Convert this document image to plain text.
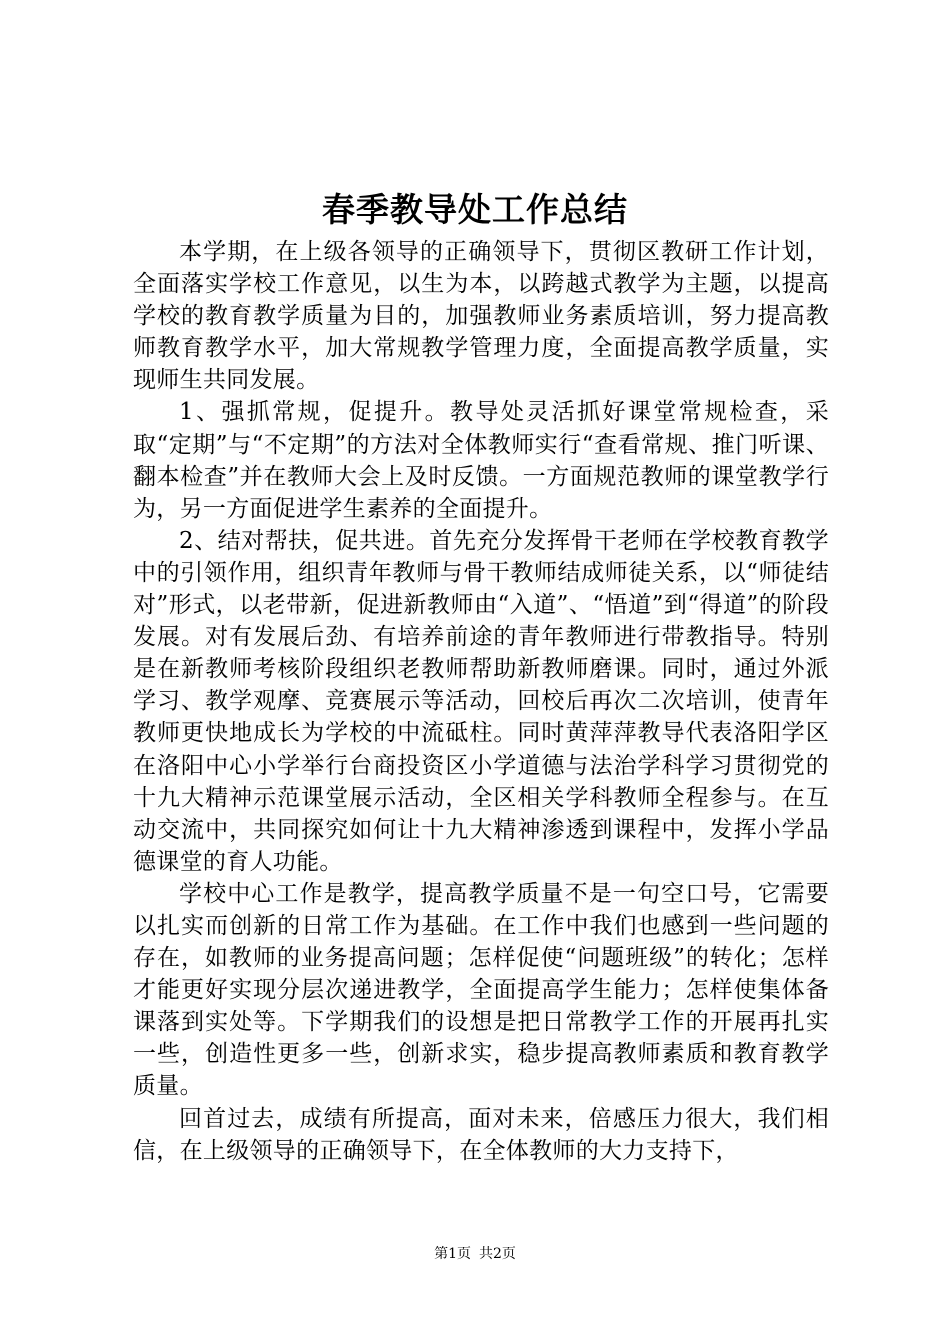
春季教导处工作总结

本学期，在上级各领导的正确领导下，贯彻区教研工作计划，全面落实学校工作意见，以生为本，以跨越式教学为主题，以提高学校的教育教学质量为目的，加强教师业务素质培训，努力提高教师教育教学水平，加大常规教学管理力度，全面提高教学质量，实现师生共同发展。

1、强抓常规，促提升。教导处灵活抓好课堂常规检查，采取“定期”与“不定期”的方法对全体教师实行“查看常规、推门听课、翻本检查”并在教师大会上及时反馈。一方面规范教师的课堂教学行为，另一方面促进学生素养的全面提升。

2、结对帮扶，促共进。首先充分发挥骨干老师在学校教育教学中的引领作用，组织青年教师与骨干教师结成师徒关系，以“师徒结对”形式，以老带新，促进新教师由“入道”、“悟道”到“得道”的阶段发展。对有发展后劲、有培养前途的青年教师进行带教指导。特别是在新教师考核阶段组织老教师帮助新教师磨课。同时，通过外派学习、教学观摩、竞赛展示等活动，回校后再次二次培训，使青年教师更快地成长为学校的中流砥柱。同时黄萍萍教导代表洛阳学区在洛阳中心小学举行台商投资区小学道德与法治学科学习贯彻党的十九大精神示范课堂展示活动，全区相关学科教师全程参与。在互动交流中，共同探究如何让十九大精神渗透到课程中，发挥小学品德课堂的育人功能。

学校中心工作是教学，提高教学质量不是一句空口号，它需要以扎实而创新的日常工作为基础。在工作中我们也感到一些问题的存在，如教师的业务提高问题；怎样促使“问题班级”的转化；怎样才能更好实现分层次递进教学，全面提高学生能力；怎样使集体备课落到实处等。下学期我们的设想是把日常教学工作的开展再扎实一些，创造性更多一些，创新求实，稳步提高教师素质和教育教学质量。

回首过去，成绩有所提高，面对未来，倍感压力很大，我们相信，在上级领导的正确领导下，在全体教师的大力支持下，

第1页 共2页
